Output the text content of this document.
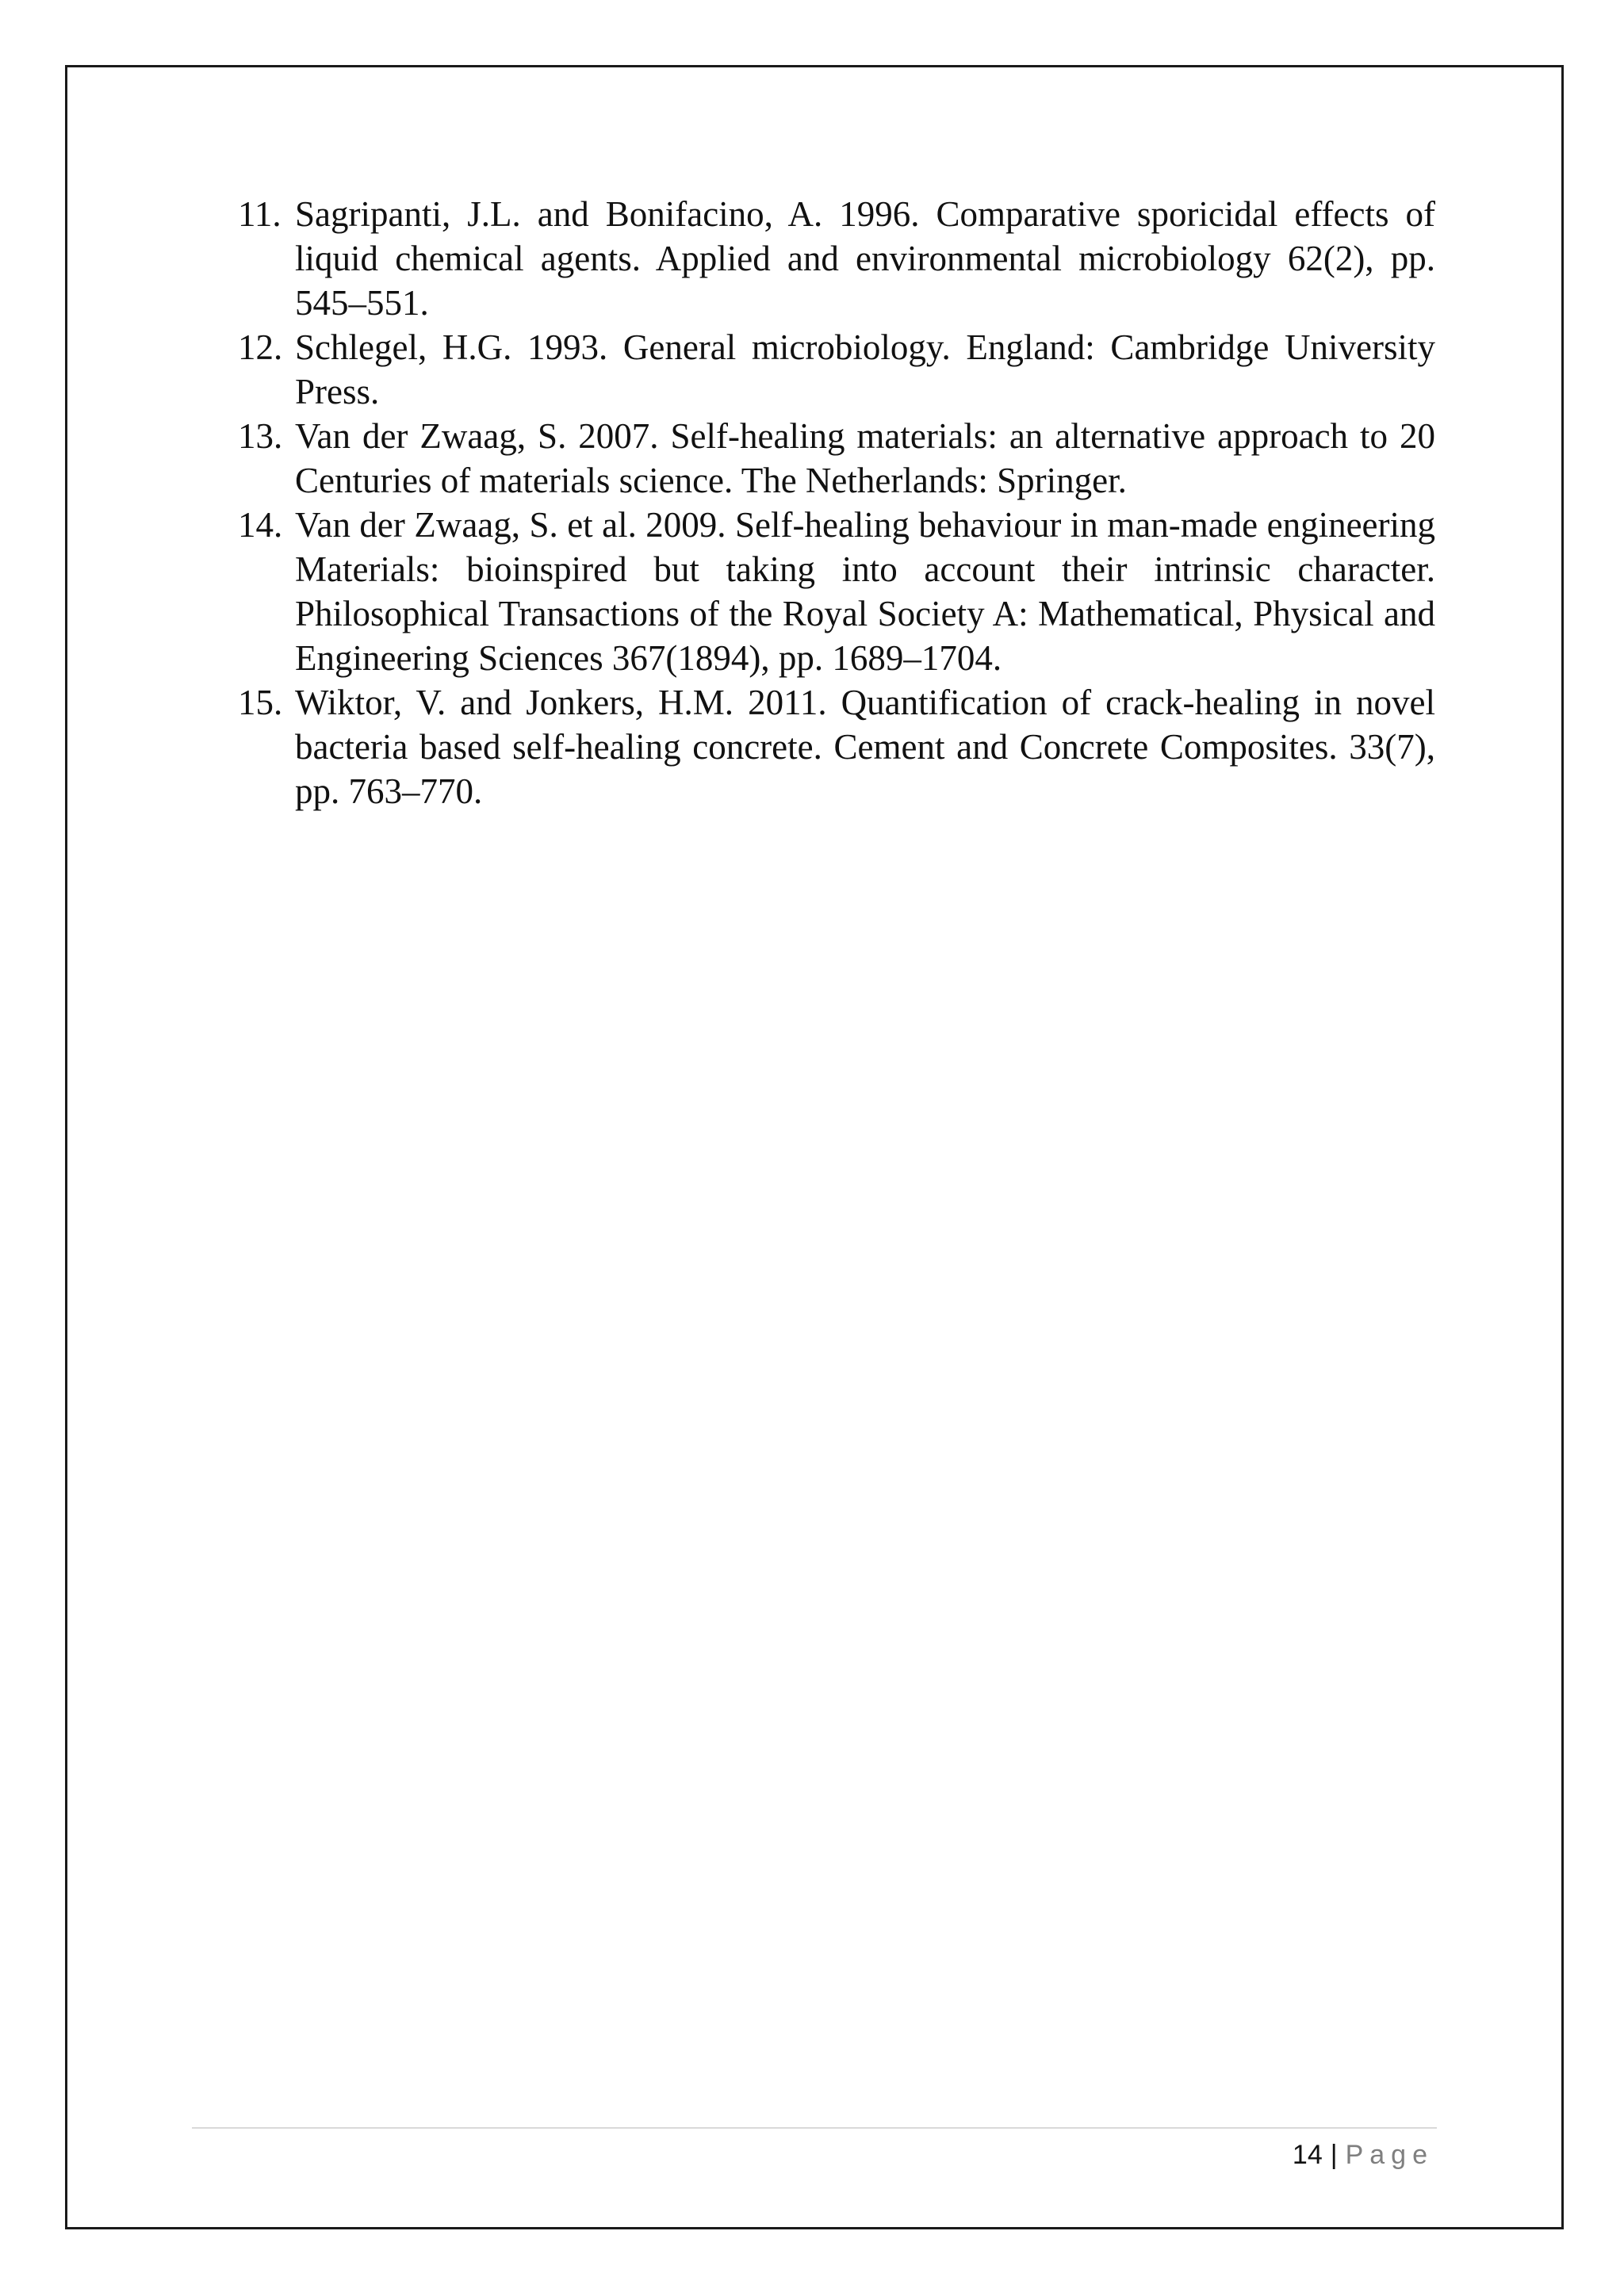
11. Sagripanti, J.L. and Bonifacino, A. 1996. Comparative sporicidal effects of liquid chemical agents. Applied and environmental microbiology 62(2), pp. 545–551.
12. Schlegel, H.G. 1993. General microbiology. England: Cambridge University Press.
13. Van der Zwaag, S. 2007. Self-healing materials: an alternative approach to 20 Centuries of materials science. The Netherlands: Springer.
14. Van der Zwaag, S. et al. 2009. Self-healing behaviour in man-made engineering Materials: bioinspired but taking into account their intrinsic character. Philosophical Transactions of the Royal Society A: Mathematical, Physical and Engineering Sciences 367(1894), pp. 1689–1704.
15. Wiktor, V. and Jonkers, H.M. 2011. Quantification of crack-healing in novel bacteria based self-healing concrete. Cement and Concrete Composites. 33(7), pp. 763–770.
14 | Page
